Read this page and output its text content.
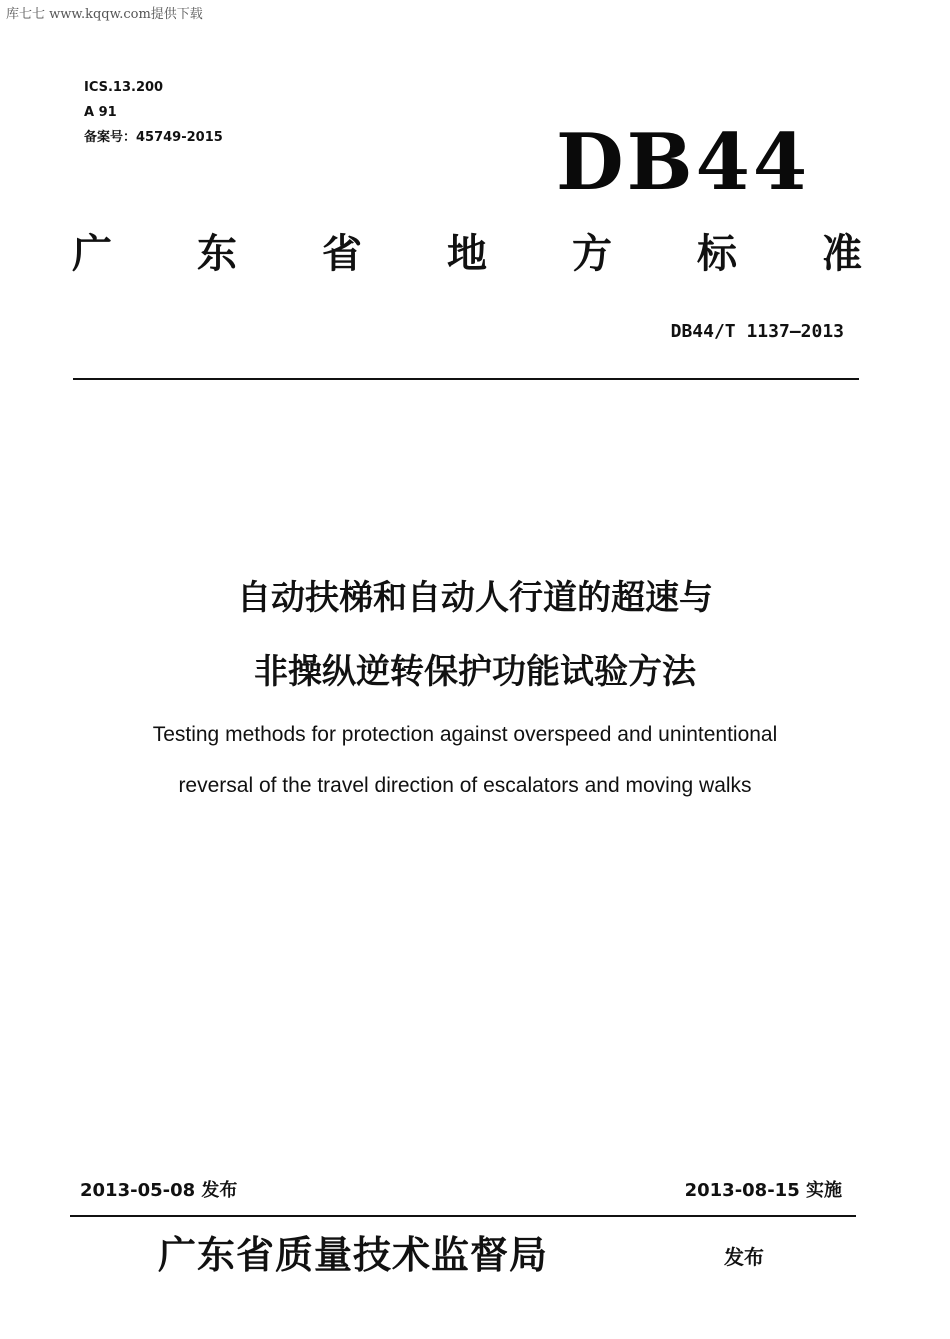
库七七 www.kqqw.com提供下载
ICS.13.200
A 91
备案号：45749-2015	DB44
广 东 省 地 方 标 准
DB44/T 1137—2013
自动扶梯和自动人行道的超速与
非操纵逆转保护功能试验方法
Testing methods for protection against overspeed and unintentional
reversal of the travel direction of escalators and moving walks
2013-05-08 发布	2013-08-15 实施
广东省质量技术监督局	发布
